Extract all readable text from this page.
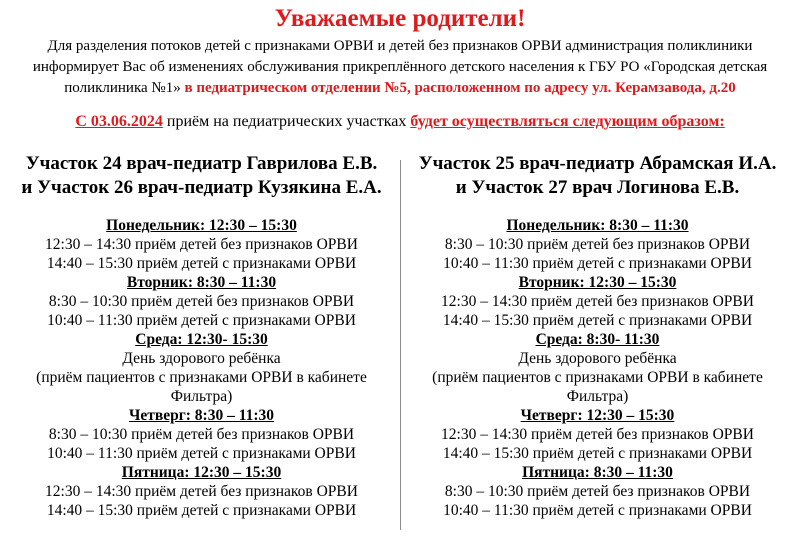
Уважаемые родители!
Для разделения потоков детей с признаками ОРВИ и детей без признаков ОРВИ администрация поликлиники информирует Вас об изменениях обслуживания прикреплённого детского населения к ГБУ РО «Городская детская поликлиника №1» в педиатрическом отделении №5, расположенном по адресу ул. Керамзавода, д.20
С 03.06.2024 приём на педиатрических участках будет осуществляться следующим образом:
Участок 24 врач-педиатр Гаврилова Е.В.
и Участок 26 врач-педиатр Кузякина Е.А.
Понедельник: 12:30 – 15:30
12:30 – 14:30 приём детей без признаков ОРВИ
14:40 – 15:30 приём детей с признаками ОРВИ
Вторник: 8:30 – 11:30
8:30 – 10:30 приём детей без признаков ОРВИ
10:40 – 11:30 приём детей с признаками ОРВИ
Среда: 12:30- 15:30
День здорового ребёнка
(приём пациентов с признаками ОРВИ в кабинете
Фильтра)
Четверг: 8:30 – 11:30
8:30 – 10:30 приём детей без признаков ОРВИ
10:40 – 11:30 приём детей с признаками ОРВИ
Пятница: 12:30 – 15:30
12:30 – 14:30 приём детей без признаков ОРВИ
14:40 – 15:30 приём детей с признаками ОРВИ
Участок 25 врач-педиатр Абрамская И.А.
и Участок 27 врач Логинова Е.В.
Понедельник: 8:30 – 11:30
8:30 – 10:30 приём детей без признаков ОРВИ
10:40 – 11:30 приём детей с признаками ОРВИ
Вторник: 12:30 – 15:30
12:30 – 14:30 приём детей без признаков ОРВИ
14:40 – 15:30 приём детей с признаками ОРВИ
Среда: 8:30- 11:30
День здорового ребёнка
(приём пациентов с признаками ОРВИ в кабинете
Фильтра)
Четверг: 12:30 – 15:30
12:30 – 14:30 приём детей без признаков ОРВИ
14:40 – 15:30 приём детей с признаками ОРВИ
Пятница: 8:30 – 11:30
8:30 – 10:30 приём детей без признаков ОРВИ
10:40 – 11:30 приём детей с признаками ОРВИ
